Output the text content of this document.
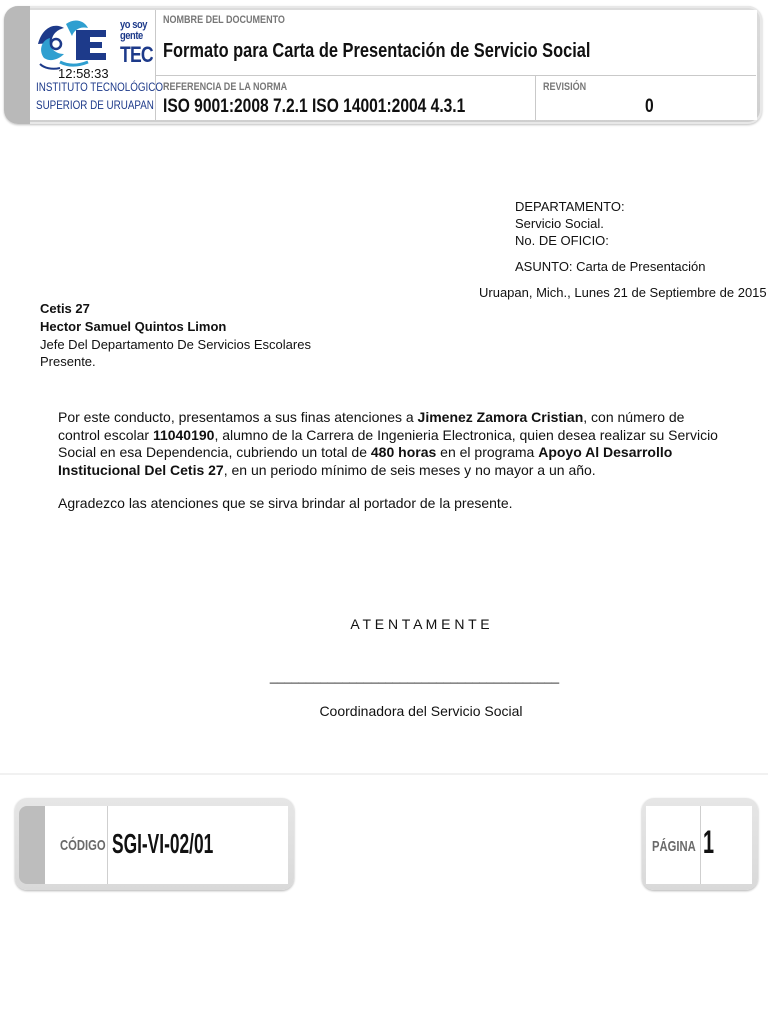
yo soy gente
TEC
12:58:33
INSTITUTO TECNOLÓGICO
SUPERIOR DE URUAPAN
NOMBRE DEL DOCUMENTO
Formato para Carta de Presentación de Servicio Social
REFERENCIA DE LA NORMA
ISO 9001:2008 7.2.1 ISO 14001:2004 4.3.1
REVISIÓN
0
DEPARTAMENTO:
Servicio Social.
No. DE OFICIO:
ASUNTO: Carta de Presentación
Uruapan, Mich., Lunes 21 de Septiembre de 2015
Cetis 27
Hector Samuel Quintos Limon
Jefe Del Departamento De Servicios Escolares
Presente.
Por este conducto, presentamos a sus finas atenciones a Jimenez Zamora Cristian, con número de control escolar 11040190, alumno de la Carrera de Ingenieria Electronica, quien desea realizar su Servicio Social en esa Dependencia, cubriendo un total de 480 horas en el programa Apoyo Al Desarrollo Institucional Del Cetis 27, en un periodo mínimo de seis meses y no mayor a un año.
Agradezco las atenciones que se sirva brindar al portador de la presente.
A T E N T A M E N T E
________________________________________
Coordinadora del Servicio Social
CÓDIGO SGI-VI-02/01	PÁGINA 1
